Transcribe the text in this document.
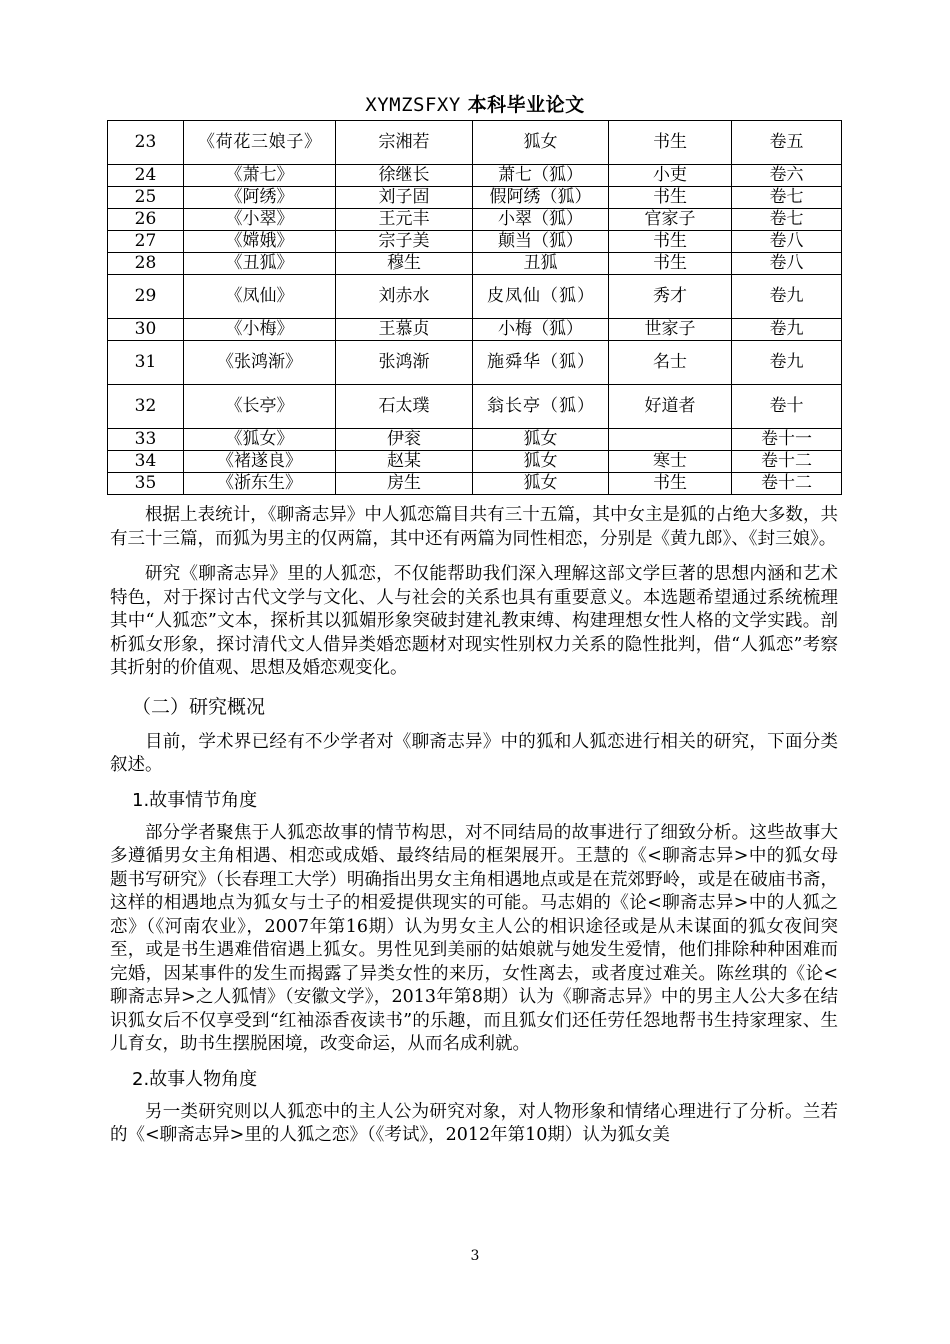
XYMZSFXY 本科毕业论文
23	《荷花三娘子》	宗湘若	狐女	书生	卷五
24	《萧七》	徐继长	萧七（狐）	小吏	卷六
25	《阿绣》	刘子固	假阿绣（狐）	书生	卷七
26	《小翠》	王元丰	小翠（狐）	官家子	卷七
27	《嫦娥》	宗子美	颠当（狐）	书生	卷八
28	《丑狐》	穆生	丑狐	书生	卷八
29	《凤仙》	刘赤水	皮凤仙（狐）	秀才	卷九
30	《小梅》	王慕贞	小梅（狐）	世家子	卷九
31	《张鸿渐》	张鸿渐	施舜华（狐）	名士	卷九
32	《长亭》	石太璞	翁长亭（狐）	好道者	卷十
33	《狐女》	伊衮	狐女		卷十一
34	《褚遂良》	赵某	狐女	寒士	卷十二
35	《浙东生》	房生	狐女	书生	卷十二

根据上表统计，《聊斋志异》中人狐恋篇目共有三十五篇，其中女主是狐的占绝大多数，共有三十三篇，而狐为男主的仅两篇，其中还有两篇为同性相恋，分别是《黄九郎》、《封三娘》。

研究《聊斋志异》里的人狐恋，不仅能帮助我们深入理解这部文学巨著的思想内涵和艺术特色，对于探讨古代文学与文化、人与社会的关系也具有重要意义。本选题希望通过系统梳理其中“人狐恋”文本，探析其以狐媚形象突破封建礼教束缚、构建理想女性人格的文学实践。剖析狐女形象，探讨清代文人借异类婚恋题材对现实性别权力关系的隐性批判，借“人狐恋”考察其折射的价值观、思想及婚恋观变化。

（二）研究概况

目前，学术界已经有不少学者对《聊斋志异》中的狐和人狐恋进行相关的研究，下面分类叙述。

1.故事情节角度

部分学者聚焦于人狐恋故事的情节构思，对不同结局的故事进行了细致分析。这些故事大多遵循男女主角相遇、相恋或成婚、最终结局的框架展开。王慧的《<聊斋志异>中的狐女母题书写研究》（长春理工大学）明确指出男女主角相遇地点或是在荒郊野岭，或是在破庙书斋，这样的相遇地点为狐女与士子的相爱提供现实的可能。马志娟的《论<聊斋志异>中的人狐之恋》（《河南农业》，2007年第16期）认为男女主人公的相识途径或是从未谋面的狐女夜间突至，或是书生遇难借宿遇上狐女。男性见到美丽的姑娘就与她发生爱情，他们排除种种困难而完婚，因某事件的发生而揭露了异类女性的来历，女性离去，或者度过难关。陈丝琪的《论<聊斋志异>之人狐情》（安徽文学》，2013年第8期）认为《聊斋志异》中的男主人公大多在结识狐女后不仅享受到“红袖添香夜读书”的乐趣，而且狐女们还任劳任怨地帮书生持家理家、生儿育女，助书生摆脱困境，改变命运，从而名成利就。

2.故事人物角度

另一类研究则以人狐恋中的主人公为研究对象，对人物形象和情绪心理进行了分析。兰若的《<聊斋志异>里的人狐之恋》（《考试》，2012年第10期）认为狐女美

3
